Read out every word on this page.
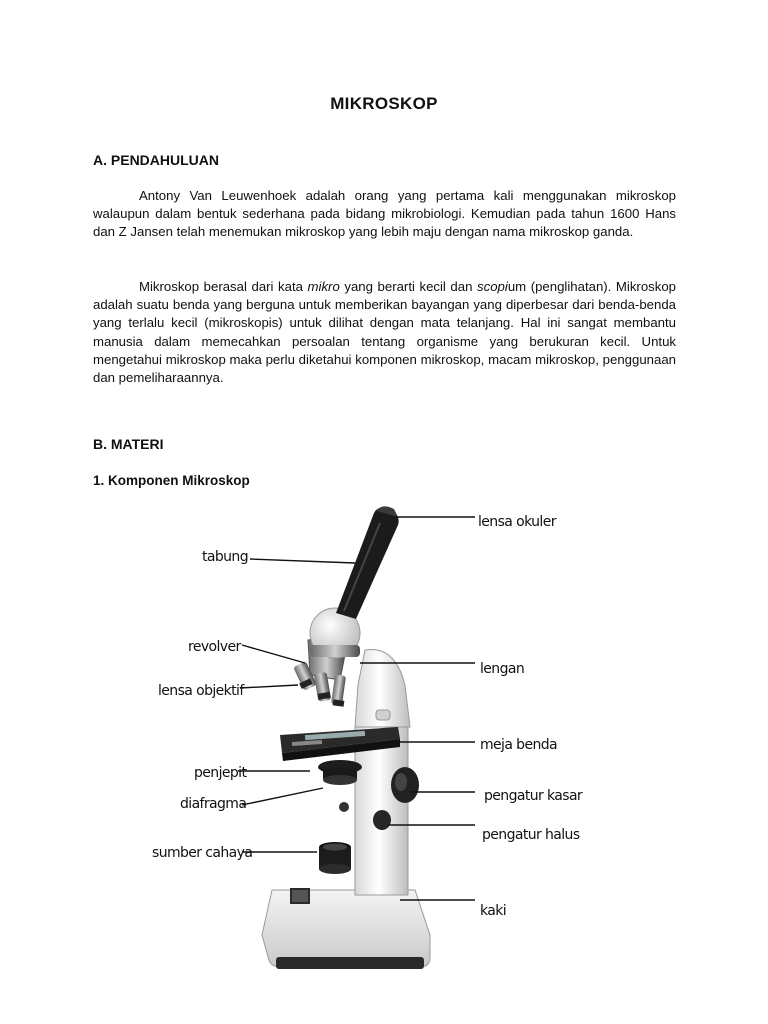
MIKROSKOP
A. PENDAHULUAN

Antony Van Leuwenhoek adalah orang yang pertama kali menggunakan mikroskop walaupun dalam bentuk sederhana pada bidang mikrobiologi. Kemudian pada tahun 1600 Hans dan Z Jansen telah menemukan mikroskop yang lebih maju dengan nama mikroskop ganda.

Mikroskop berasal dari kata mikro yang berarti kecil dan scopium (penglihatan). Mikroskop adalah suatu benda yang berguna untuk memberikan bayangan yang diperbesar dari benda-benda yang terlalu kecil (mikroskopis) untuk dilihat dengan mata telanjang. Hal ini sangat membantu manusia dalam memecahkan persoalan tentang organisme yang berukuran kecil. Untuk mengetahui mikroskop maka perlu diketahui komponen mikroskop, macam mikroskop, penggunaan dan pemeliharaannya.

B. MATERI
1. Komponen Mikroskop
lensa okuler
tabung
revolver
lensa objektif
lengan
meja benda
penjepit
diafragma	pengatur kasar
pengatur halus
sumber cahaya
kaki
